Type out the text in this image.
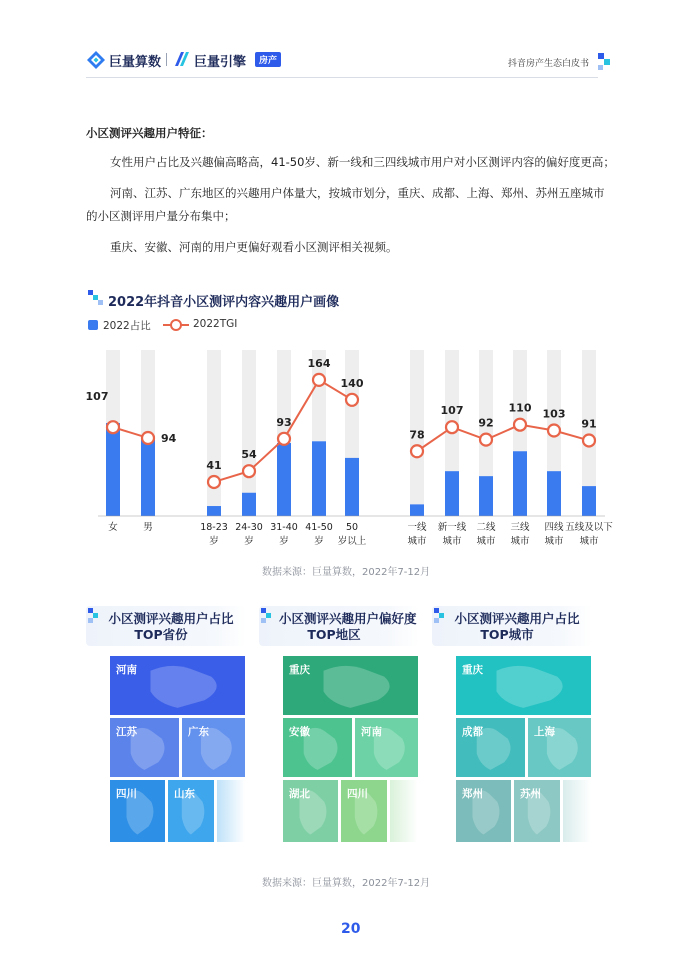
巨量算数	巨量引擎	房产	抖音房产生态白皮书
小区测评兴趣用户特征：
女性用户占比及兴趣偏高略高，41-50岁、新一线和三四线城市用户对小区测评内容的偏好度更高；
河南、江苏、广东地区的兴趣用户体量大，按城市划分，重庆、成都、上海、郑州、苏州五座城市
的小区测评用户量分布集中；
重庆、安徽、河南的用户更偏好观看小区测评相关视频。
2022年抖音小区测评内容兴趣用户画像
2022占比	2022TGI
107
94
女	男
41
54
93
164
140
18-23
岁
24-30
岁
31-40
岁
41-50
岁
50
岁以上
78
107
92
110 103
91
一线
城市
新一线
城市
二线
城市
三线
城市
四线
城市
五线及以下
城市
数据来源：巨量算数，2022年7-12月
小区测评兴趣用户占比
TOP省份
河南
江苏	广东
四川	山东
小区测评兴趣用户偏好度
TOP地区
重庆
安徽	河南
湖北	四川
小区测评兴趣用户占比
TOP城市
重庆
成都	上海
郑州	苏州
数据来源：巨量算数，2022年7-12月
20
